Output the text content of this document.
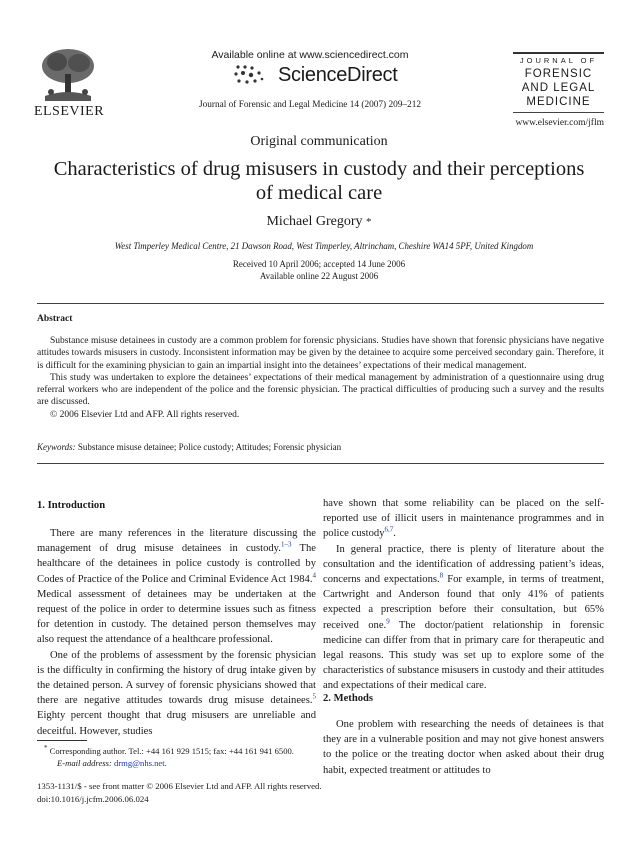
ELSEVIER
Available online at www.sciencedirect.com
ScienceDirect
Journal of Forensic and Legal Medicine 14 (2007) 209–212
JOURNAL OF
FORENSIC
AND LEGAL
MEDICINE
www.elsevier.com/jflm
Original communication
Characteristics of drug misusers in custody and their perceptions
of medical care
Michael Gregory *
West Timperley Medical Centre, 21 Dawson Road, West Timperley, Altrincham, Cheshire WA14 5PF, United Kingdom
Received 10 April 2006; accepted 14 June 2006
Available online 22 August 2006
Abstract

Substance misuse detainees in custody are a common problem for forensic physicians. Studies have shown that forensic physicians have negative attitudes towards misusers in custody. Inconsistent information may be given by the detainee to acquire some perceived secondary gain. Therefore, it is difficult for the examining physician to gain an impartial insight into the detainees’ expectations of their medical management.

This study was undertaken to explore the detainees’ expectations of their medical management by administration of a questionnaire using drug referral workers who are independent of the police and the forensic physician. The practical difficulties of producing such a survey and the results are discussed.

© 2006 Elsevier Ltd and AFP. All rights reserved.

Keywords: Substance misuse detainee; Police custody; Attitudes; Forensic physician
1. Introduction

There are many references in the literature discussing the management of drug misuse detainees in custody.$^{1-3}$ The healthcare of the detainees in police custody is controlled by Codes of Practice of the Police and Criminal Evidence Act 1984.$^4$ Medical assessment of detainees may be undertaken at the request of the police in order to determine issues such as fitness for detention in custody. The detained person themselves may also request the attendance of a healthcare professional.

One of the problems of assessment by the forensic physician is the difficulty in confirming the history of drug intake given by the detained person. A survey of forensic physicians showed that there are negative attitudes towards drug misuse detainees.$^5$ Eighty percent thought that drug misusers are unreliable and deceitful. However, studies

* Corresponding author. Tel.: +44 161 929 1515; fax: +44 161 941 6500.
E-mail address: drmg@nhs.net.

have shown that some reliability can be placed on the self-reported use of illicit users in maintenance programmes and in police custody$^{6,7}$.

In general practice, there is plenty of literature about the consultation and the identification of addressing patient’s ideas, concerns and expectations.$^8$ For example, in terms of treatment, Cartwright and Anderson found that only 41% of patients expected a prescription before their consultation, but 65% received one.$^9$ The doctor/patient relationship in forensic medicine can differ from that in primary care for therapeutic and legal reasons. This study was set up to explore some of the characteristics of substance misusers in custody and their attitudes and expectations of their medical care.

2. Methods

One problem with researching the needs of detainees is that they are in a vulnerable position and may not give honest answers to the police or the treating doctor when asked about their drug habit, expected treatment or attitudes to

1353-1131/$ - see front matter © 2006 Elsevier Ltd and AFP. All rights reserved.
doi:10.1016/j.jcfm.2006.06.024
